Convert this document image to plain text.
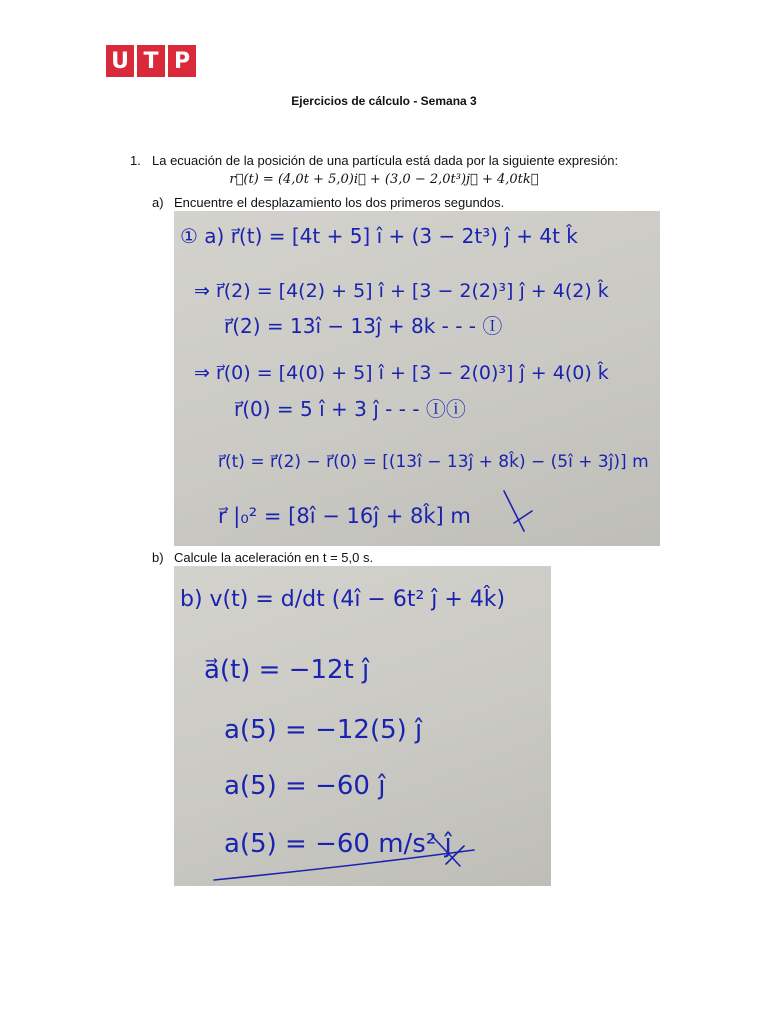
U T P
Ejercicios de cálculo - Semana 3
1. La ecuación de la posición de una partícula está dada por la siguiente expresión:
r⃗(t) = (4,0t + 5,0)i⃗ + (3,0 − 2,0t³)j⃗ + 4,0tk⃗
a) Encuentre el desplazamiento los dos primeros segundos.
① a) r⃗(t) = [4t + 5] î + (3 − 2t³) ĵ + 4t k̂
⇒ r⃗(2) = [4(2) + 5] î + [3 − 2(2)³] ĵ + 4(2) k̂
r⃗(2) = 13î − 13ĵ + 8k - - - Ⓘ
⇒ r⃗(0) = [4(0) + 5] î + [3 − 2(0)³] ĵ + 4(0) k̂
r⃗(0) = 5 î + 3 ĵ - - - Ⓘⓘ
r⃗(t) = r⃗(2) − r⃗(0) = [(13î − 13ĵ + 8k̂) − (5î + 3ĵ)] m
r⃗ |₀² = [8î − 16ĵ + 8k̂] m
b) Calcule la aceleración en t = 5,0 s.
b) v(t) = d/dt (4î − 6t² ĵ + 4k̂)
a⃗(t) = −12t ĵ
a(5) = −12(5) ĵ
a(5) = −60 ĵ
a(5) = −60 m/s² ĵ
